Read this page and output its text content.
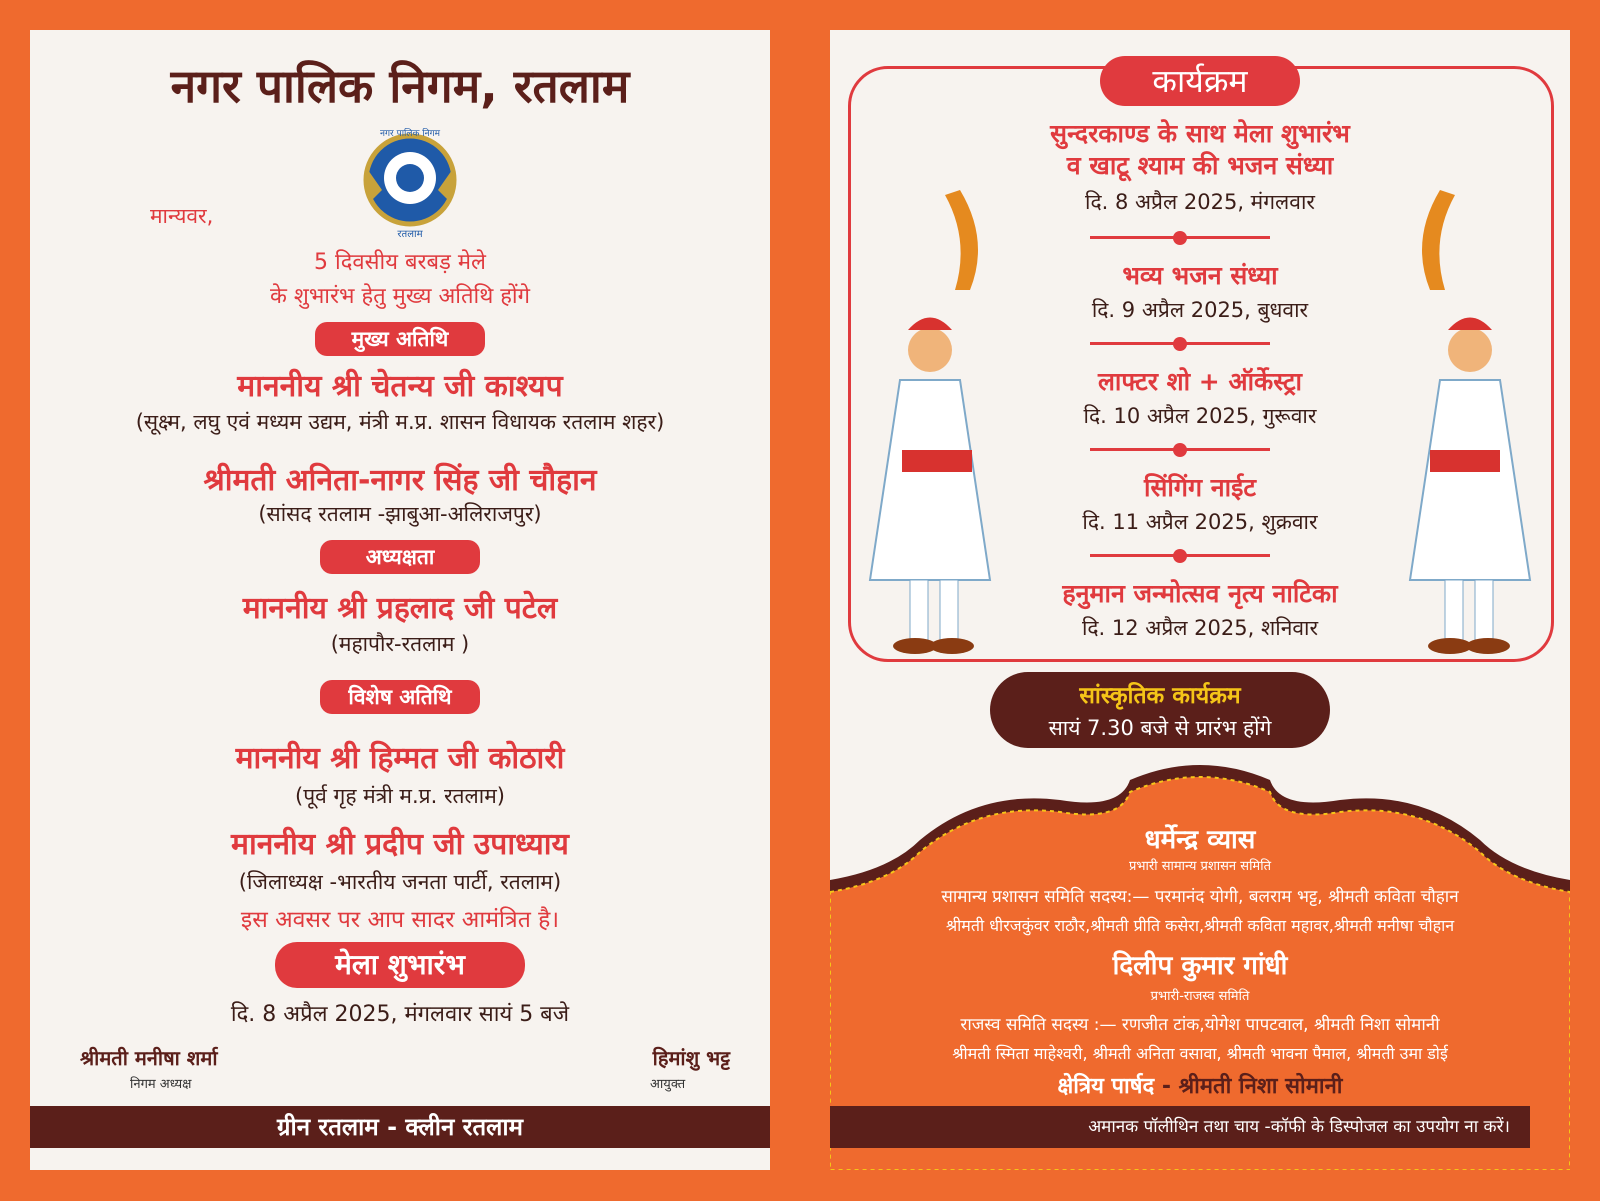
नगर पालिक निगम, रतलाम
नगर पालिक निगम
रतलाम
मान्यवर,
5 दिवसीय बरबड़ मेले
के शुभारंभ हेतु मुख्य अतिथि होंगे
मुख्य अतिथि
माननीय श्री चेतन्य जी काश्यप
(सूक्ष्म, लघु एवं मध्यम उद्यम, मंत्री म.प्र. शासन विधायक रतलाम शहर)
श्रीमती अनिता-नागर सिंह जी चौहान
(सांसद रतलाम -झाबुआ-अलिराजपुर)
अध्यक्षता
माननीय श्री प्रहलाद जी पटेल
(महापौर-रतलाम )
विशेष अतिथि
माननीय श्री हिम्मत जी कोठारी
(पूर्व गृह मंत्री म.प्र. रतलाम)
माननीय श्री प्रदीप जी उपाध्याय
(जिलाध्यक्ष -भारतीय जनता पार्टी, रतलाम)
इस अवसर पर आप सादर आमंत्रित है।
मेला शुभारंभ
दि. 8 अप्रैल 2025, मंगलवार सायं 5 बजे
श्रीमती मनीषा शर्मा
निगम अध्यक्ष
हिमांशु भट्ट
आयुक्त
ग्रीन रतलाम - क्लीन रतलाम
कार्यक्रम
सुन्दरकाण्ड के साथ मेला शुभारंभ
व खाटू श्याम की भजन संध्या
दि. 8 अप्रैल 2025, मंगलवार
भव्य भजन संध्या
दि. 9 अप्रैल 2025, बुधवार
लाफ्टर शो + ऑर्केस्ट्रा
दि. 10 अप्रैल 2025, गुरूवार
सिंगिंग नाईट
दि. 11 अप्रैल 2025, शुक्रवार
हनुमान जन्मोत्सव नृत्य नाटिका
दि. 12 अप्रैल 2025, शनिवार
सांस्कृतिक कार्यक्रम
सायं 7.30 बजे से प्रारंभ होंगे
धर्मेन्द्र व्यास
प्रभारी सामान्य प्रशासन समिति
सामान्य प्रशासन समिति सदस्य:— परमानंद योगी, बलराम भट्ट, श्रीमती कविता चौहान
श्रीमती धीरजकुंवर राठौर,श्रीमती प्रीति कसेरा,श्रीमती कविता महावर,श्रीमती मनीषा चौहान
दिलीप कुमार गांधी
प्रभारी-राजस्व समिति
राजस्व समिति सदस्य :— रणजीत टांक,योगेश पापटवाल, श्रीमती निशा सोमानी
श्रीमती स्मिता माहेश्वरी, श्रीमती अनिता वसावा, श्रीमती भावना पैमाल, श्रीमती उमा डोई
क्षेत्रिय पार्षद - श्रीमती निशा सोमानी
अमानक पॉलीथिन तथा चाय -कॉफी के डिस्पोजल का उपयोग ना करें।
